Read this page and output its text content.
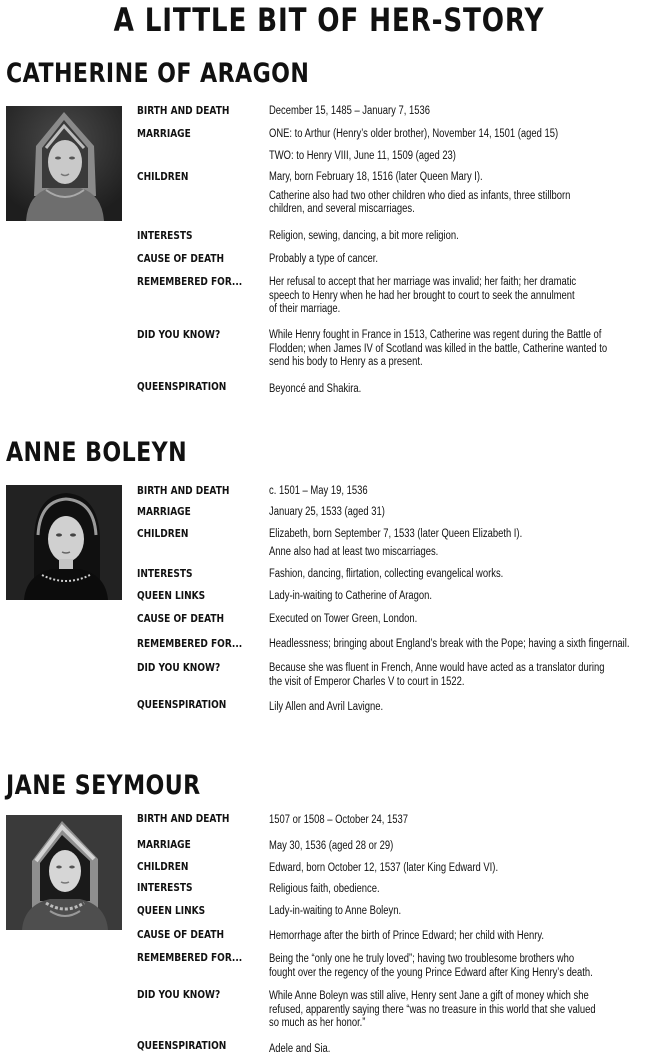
A LITTLE BIT OF HER-STORY
CATHERINE OF ARAGON
BIRTH AND DEATH	December 15, 1485 – January 7, 1536
MARRIAGE	ONE: to Arthur (Henry’s older brother), November 14, 1501 (aged 15)
TWO: to Henry VIII, June 11, 1509 (aged 23)
CHILDREN	Mary, born February 18, 1516 (later Queen Mary I).
Catherine also had two other children who died as infants, three stillborn
children, and several miscarriages.
INTERESTS	Religion, sewing, dancing, a bit more religion.
CAUSE OF DEATH	Probably a type of cancer.
REMEMBERED FOR... Her refusal to accept that her marriage was invalid; her faith; her dramatic
speech to Henry when he had her brought to court to seek the annulment
of their marriage.
DID YOU KNOW?	While Henry fought in France in 1513, Catherine was regent during the Battle of
Flodden; when James IV of Scotland was killed in the battle, Catherine wanted to
send his body to Henry as a present.
QUEENSPIRATION	Beyoncé and Shakira.
ANNE BOLEYN
BIRTH AND DEATH	c. 1501 – May 19, 1536
MARRIAGE	January 25, 1533 (aged 31)
CHILDREN	Elizabeth, born September 7, 1533 (later Queen Elizabeth I).
Anne also had at least two miscarriages.
INTERESTS	Fashion, dancing, flirtation, collecting evangelical works.
QUEEN LINKS	Lady-in-waiting to Catherine of Aragon.
CAUSE OF DEATH	Executed on Tower Green, London.
REMEMBERED FOR... Headlessness; bringing about England’s break with the Pope; having a sixth fingernail.
DID YOU KNOW?	Because she was fluent in French, Anne would have acted as a translator during
the visit of Emperor Charles V to court in 1522.
QUEENSPIRATION	Lily Allen and Avril Lavigne.
JANE SEYMOUR
BIRTH AND DEATH	1507 or 1508 – October 24, 1537
MARRIAGE	May 30, 1536 (aged 28 or 29)
CHILDREN	Edward, born October 12, 1537 (later King Edward VI).
INTERESTS	Religious faith, obedience.
QUEEN LINKS	Lady-in-waiting to Anne Boleyn.
CAUSE OF DEATH	Hemorrhage after the birth of Prince Edward; her child with Henry.
REMEMBERED FOR... Being the “only one he truly loved”; having two troublesome brothers who
fought over the regency of the young Prince Edward after King Henry’s death.
DID YOU KNOW?	While Anne Boleyn was still alive, Henry sent Jane a gift of money which she
refused, apparently saying there “was no treasure in this world that she valued
so much as her honor.”
QUEENSPIRATION	Adele and Sia.
